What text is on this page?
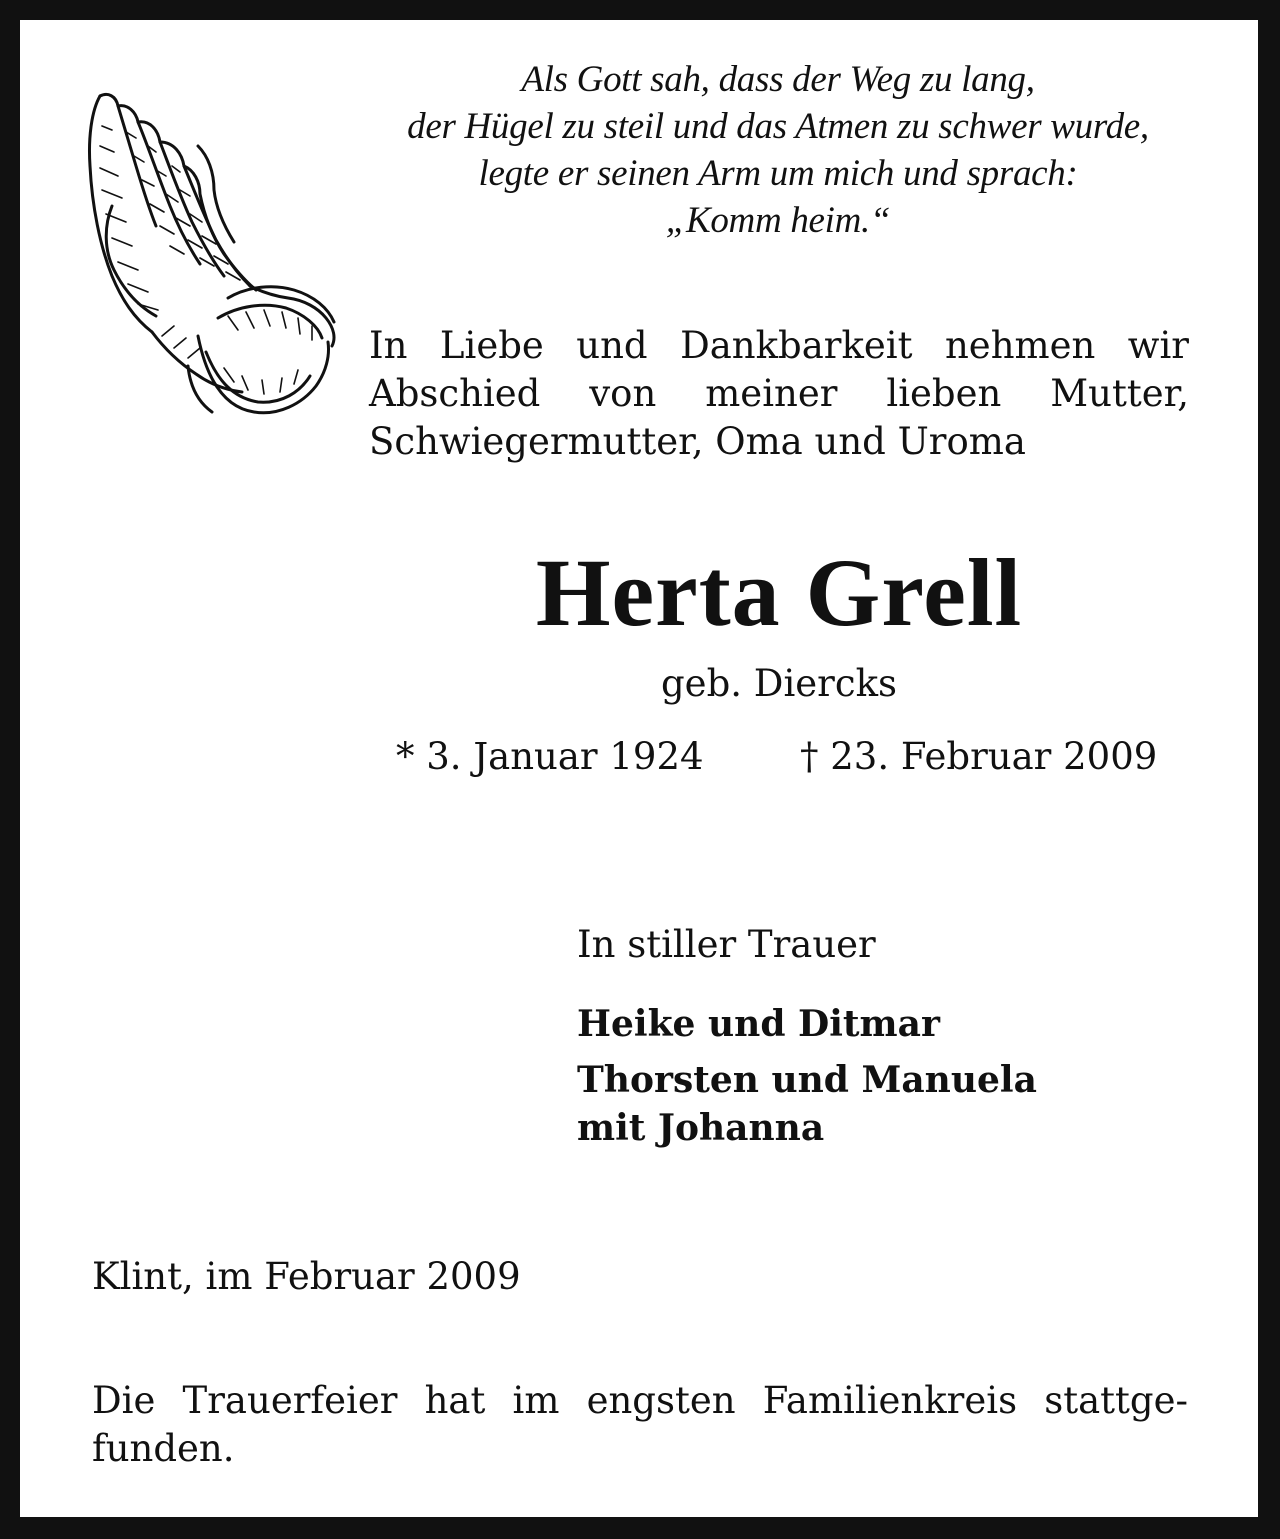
Als Gott sah, dass der Weg zu lang,
der Hügel zu steil und das Atmen zu schwer wurde,
legte er seinen Arm um mich und sprach:
„Komm heim.“
In Liebe und Dankbarkeit nehmen wir
Abschied von meiner lieben Mutter,
Schwiegermutter, Oma und Uroma
Herta Grell
geb. Diercks
* 3. Januar 1924	† 23. Februar 2009
In stiller Trauer
Heike und Ditmar
Thorsten und Manuela
mit Johanna
Klint, im Februar 2009
Die Trauerfeier hat im engsten Familienkreis stattge-
funden.
